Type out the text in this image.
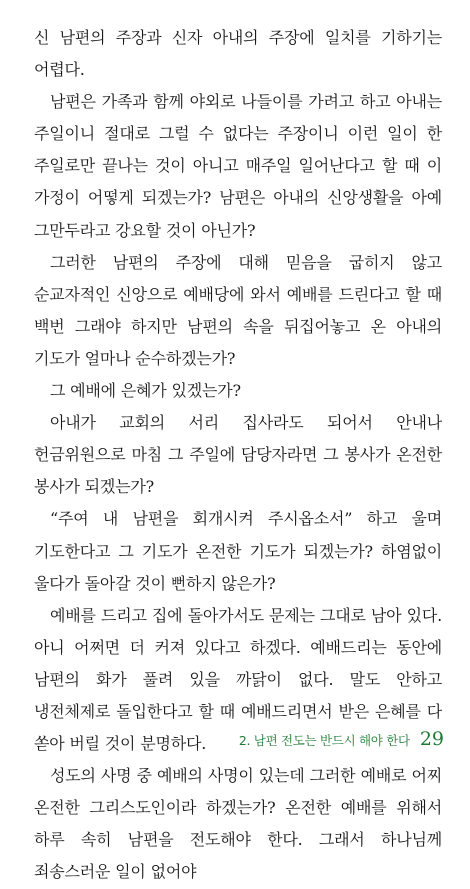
신 남편의 주장과 신자 아내의 주장에 일치를 기하기는 어렵다.

남편은 가족과 함께 야외로 나들이를 가려고 하고 아내는 주일이니 절대로 그럴 수 없다는 주장이니 이런 일이 한 주일로만 끝나는 것이 아니고 매주일 일어난다고 할 때 이 가정이 어떻게 되겠는가? 남편은 아내의 신앙생활을 아예 그만두라고 강요할 것이 아닌가?

그러한 남편의 주장에 대해 믿음을 굽히지 않고 순교자적인 신앙으로 예배당에 와서 예배를 드린다고 할 때 백번 그래야 하지만 남편의 속을 뒤집어놓고 온 아내의 기도가 얼마나 순수하겠는가?

그 예배에 은혜가 있겠는가?

아내가 교회의 서리 집사라도 되어서 안내나 헌금위원으로 마침 그 주일에 담당자라면 그 봉사가 온전한 봉사가 되겠는가?

“주여 내 남편을 회개시켜 주시옵소서” 하고 울며 기도한다고 그 기도가 온전한 기도가 되겠는가? 하염없이 울다가 돌아갈 것이 뻔하지 않은가?

예배를 드리고 집에 돌아가서도 문제는 그대로 남아 있다. 아니 어쩌면 더 커져 있다고 하겠다. 예배드리는 동안에 남편의 화가 풀려 있을 까닭이 없다. 말도 안하고 냉전체제로 돌입한다고 할 때 예배드리면서 받은 은혜를 다 쏟아 버릴 것이 분명하다.

성도의 사명 중 예배의 사명이 있는데 그러한 예배로 어찌 온전한 그리스도인이라 하겠는가? 온전한 예배를 위해서 하루 속히 남편을 전도해야 한다. 그래서 하나님께 죄송스러운 일이 없어야

2. 남편 전도는 반드시 해야 한다 29
